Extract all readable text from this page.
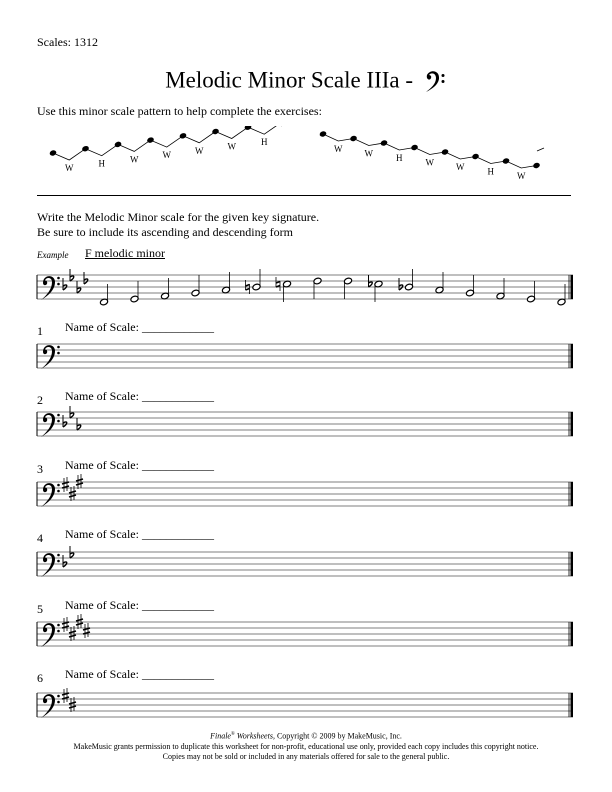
Scales: 1312
Melodic Minor Scale IIIa -
Use this minor scale pattern to help complete the exercises:
W	H	W	W	W	W	H
W W	H	W W	H	W
Write the Melodic Minor scale for the given key signature.
Be sure to include its ascending and descending form
Example F melodic minor
1 Name of Scale: ____________
2 Name of Scale: ____________
3 Name of Scale: ____________
4 Name of Scale: ____________
5 Name of Scale: ____________
6 Name of Scale: ____________
Finale® Worksheets, Copyright © 2009 by MakeMusic, Inc.
MakeMusic grants permission to duplicate this worksheet for non-profit, educational use only, provided each copy includes this copyright notice.
Copies may not be sold or included in any materials offered for sale to the general public.
